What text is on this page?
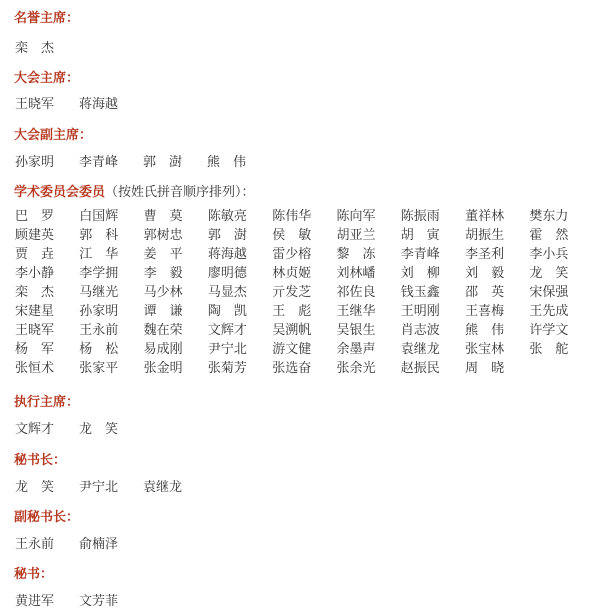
名誉主席：
栾　杰
大会主席：
王晓军 蒋海越
大会副主席：
孙家明 李青峰 郭　澍 熊　伟
学术委员会委员（按姓氏拼音顺序排列）：
巴　罗 白国辉 曹　莫 陈敏亮 陈伟华 陈向军 陈振雨 董祥林 樊东力
顾建英 郭　科 郭树忠 郭　澍 侯　敏 胡亚兰 胡　寅 胡振生 霍　然
贾　垚 江　华 姜　平 蒋海越 雷少榕 黎　冻 李青峰 李圣利 李小兵
李小静 李学拥 李　毅 廖明德 林贞姬 刘林嶓 刘　柳 刘　毅 龙　笑
栾　杰 马继光 马少林 马显杰 亓发芝 祁佐良 钱玉鑫 邵　英 宋保强
宋建星 孙家明 谭　谦 陶　凯 王　彪 王继华 王明刚 王喜梅 王先成
王晓军 王永前 魏在荣 文辉才 吴溯帆 吴银生 肖志波 熊　伟 许学文
杨　军 杨　松 易成刚 尹宁北 游文健 余墨声 袁继龙 张宝林 张　舵
张恒术 张家平 张金明 张菊芳 张选奋 张余光 赵振民 周　晓
执行主席：
文辉才 龙　笑
秘书长：
龙　笑 尹宁北 袁继龙
副秘书长：
王永前 俞楠泽
秘书：
黄进军 文芳菲
